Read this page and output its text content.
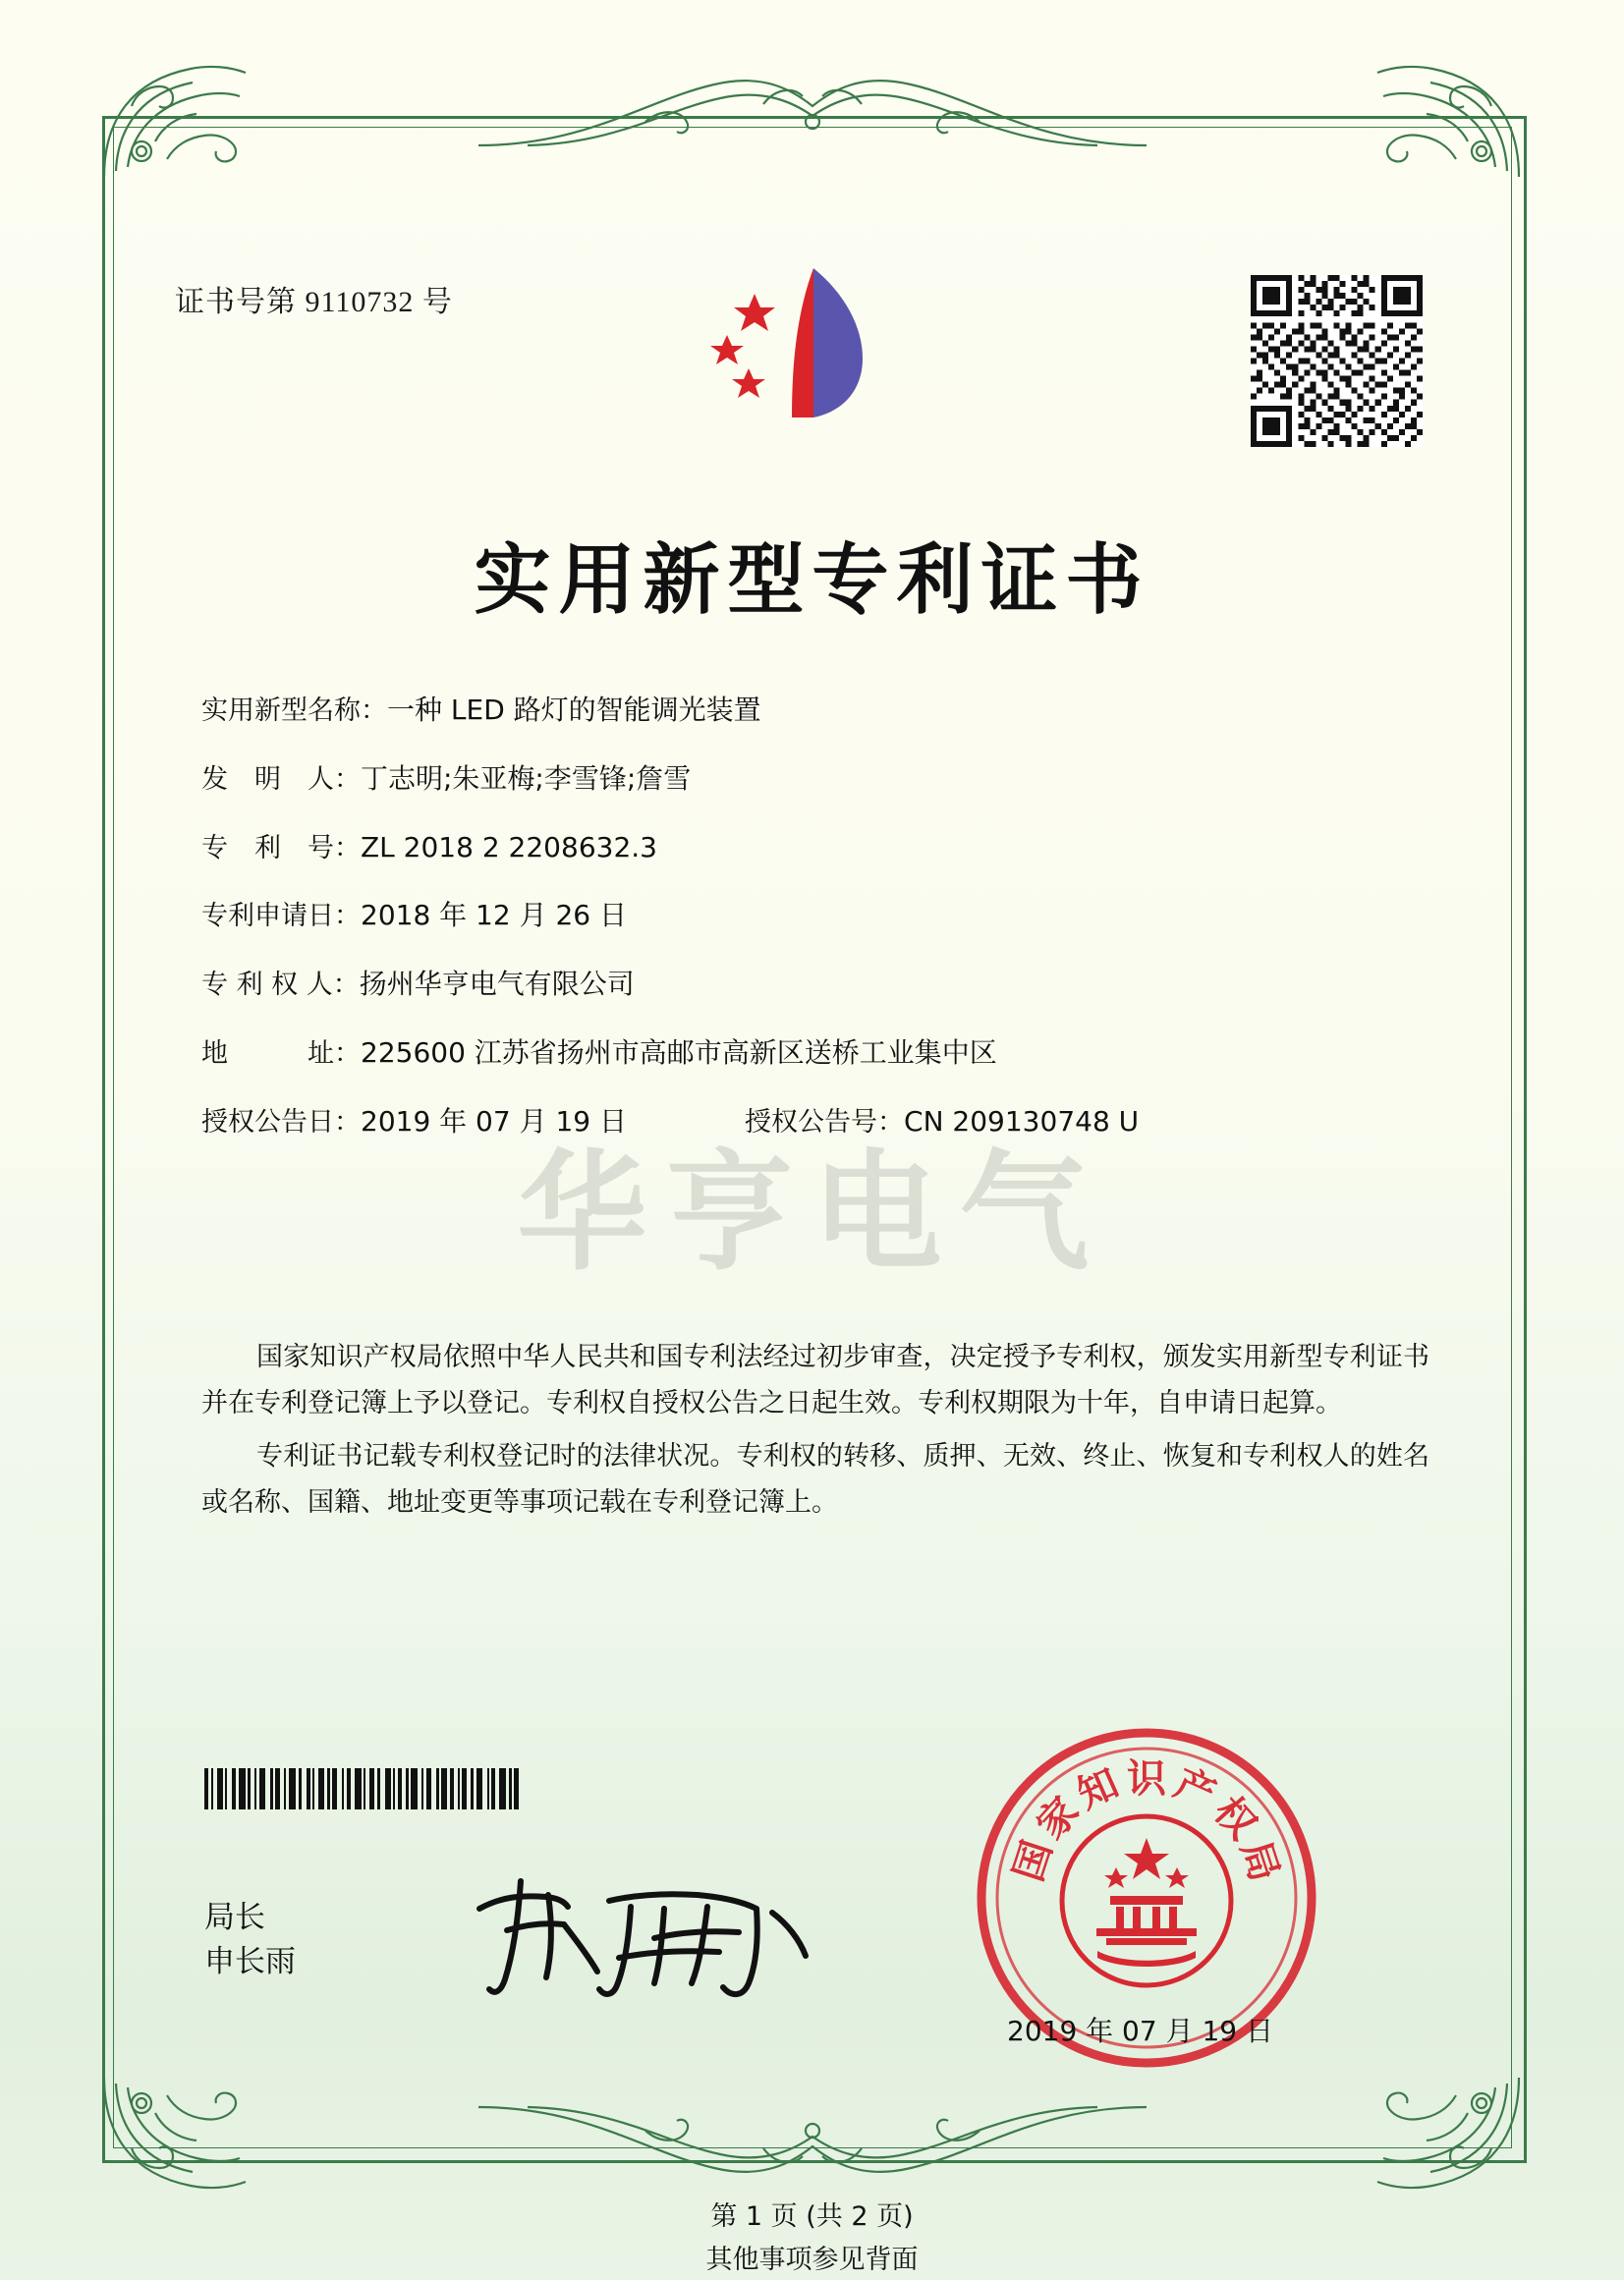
证书号第 9110732 号
实用新型专利证书
华亨电气
实用新型名称： 一种 LED 路灯的智能调光装置
发　明　人： 丁志明;朱亚梅;李雪锋;詹雪
专　利　号： ZL 2018 2 2208632.3
专利申请日： 2018 年 12 月 26 日
专 利 权 人： 扬州华亨电气有限公司
地　　　址： 225600 江苏省扬州市高邮市高新区送桥工业集中区
授权公告日： 2019 年 07 月 19 日	授权公告号： CN 209130748 U

国家知识产权局依照中华人民共和国专利法经过初步审查，决定授予专利权，颁发实用新型专利证书并在专利登记簿上予以登记。专利权自授权公告之日起生效。专利权期限为十年，自申请日起算。

专利证书记载专利权登记时的法律状况。专利权的转移、质押、无效、终止、恢复和专利权人的姓名或名称、国籍、地址变更等事项记载在专利登记簿上。

局长
申长雨
国
家
知 识 产
权
局
2019 年 07 月 19 日
第 1 页 (共 2 页)
其他事项参见背面
